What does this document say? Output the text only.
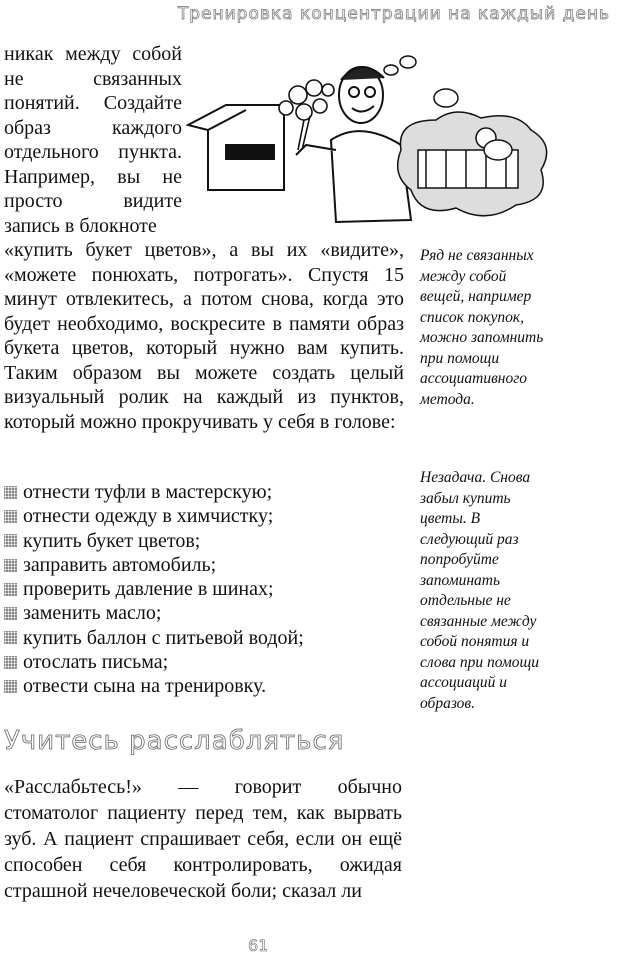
Тренировка концентрации на каждый день

никак между собой не связанных понятий. Создайте образ каждого отдельного пункта. Например, вы не просто видите запись в блокноте

«купить букет цветов», а вы их «видите», «можете понюхать, потрогать». Спустя 15 минут отвлекитесь, а потом снова, когда это будет необходимо, воскресите в памяти образ букета цветов, который нужно вам купить. Таким образом вы можете создать целый визуальный ролик на каждый из пунктов, который можно прокручивать у себя в голове:

отнести туфли в мастерскую;
отнести одежду в химчистку;
купить букет цветов;
заправить автомобиль;
проверить давление в шинах;
заменить масло;
купить баллон с питьевой водой;
отослать письма;
отвести сына на тренировку.
Учитесь расслабляться

«Расслабьтесь!» — говорит обычно стоматолог пациенту перед тем, как вырвать зуб. А пациент спрашивает себя, если он ещё способен себя контролировать, ожидая страшной нечеловеческой боли; сказал ли

Ряд не связанных между собой вещей, например список покупок, можно запомнить при помощи ассоциативного метода.
Незадача. Снова забыл купить цветы. В следующий раз попробуйте запоминать отдельные не связанные между собой понятия и слова при помощи ассоциаций и образов.
61
